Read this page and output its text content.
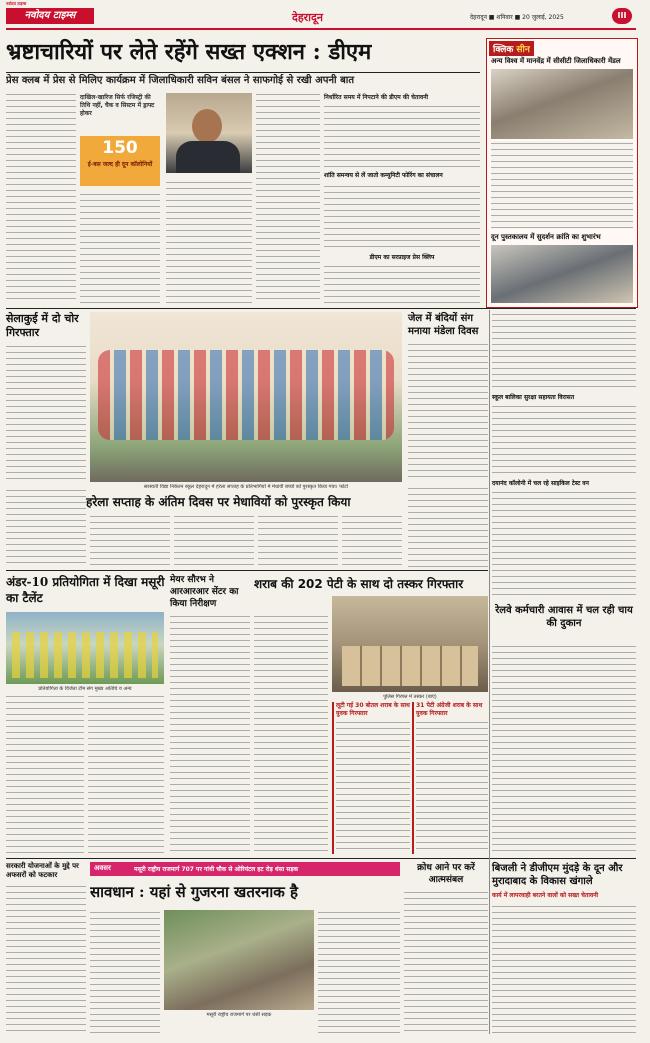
नवोदय टाइम्स
नवोदय टाइम्स	देहरादून	देहरादून ■ शनिवार ■ 20 जुलाई, 2025	III
भ्रष्टाचारियों पर लेते रहेंगे सख्त एक्शन : डीएम
प्रेस क्लब में प्रेस से मिलिए कार्यक्रम में जिलाधिकारी सविन बंसल ने साफगोई से रखी अपनी बात
दाखिल-खारिज सिर्फ रजिस्ट्री की तिथि नहीं, चैक व सिस्टम में ड्राफ्ट होकर
150
ई-बस जल्द ही दून कॉलोनियों
निर्धारित समय में निपटाने की डीएम की चेतावनी
शांति समन्वय से लें जातो कम्युनिटी फोरिंग का संचालन
डीएम का सरप्राइज प्रेस क्लिप
क्लिक सीन
अन्य विश्व में मानवेंद्र में सीसीटी जिलाधिकारी मेंडल
दून पुस्तकालय में सुदर्शन क्रांति का शुभारंभ
सेलाकुई में दो चोर गिरफ्तार
सरस्वती विद्या निकेतन स्कूल देहरादून में हरेला सप्ताह के प्रतिभागियों में मेधावी बच्चों को पुरस्कृत किया गया। फोटो
जेल में बंदियों संग मनाया मंडेला दिवस
स्कूल बालिका सुरक्षा सहायता विरासत
दयानंद कॉलोनी में चल रहे साइकिल टेस्ट वन
हरेला सप्ताह के अंतिम दिवस पर मेधावियों को पुरस्कृत किया
अंडर-10 प्रतियोगिता में दिखा मसूरी का टैलेंट
प्रतियोगिता के विजेता टीम संग मुख्य अतिथि व अन्य
मेयर सौरभ ने आरआरआर सेंटर का किया निरीक्षण
शराब की 202 पेटी के साथ दो तस्कर गिरफ्तार
पुलिस गिरफ्त में तस्कर (बाएं)
लूटी गई 30 बोतल शराब के साथ युवक गिरफ्तार
31 पेटी अंग्रेजी शराब के साथ युवक गिरफ्तार
रेलवे कर्मचारी आवास में चल रही चाय की दुकान
सरकारी योजनाओं के मुद्दे पर अफसरों को फटकार
अवसर	मसूरी राष्ट्रीय राजमार्ग 707 पर गांधी चौक से ओरियंटल हट रोड़ धंसा सड़क
सावधान : यहां से गुजरना खतरनाक है
मसूरी राष्ट्रीय राजमार्ग पर धंसी सड़क
क्रोध आने पर करें आत्मसंबल
बिजली ने डीजीएम मुंदड़े के दून और मुरादाबाद के विकास खंगाले
कार्य में लापरवाही बरतने वालों को सख्त चेतावनी
